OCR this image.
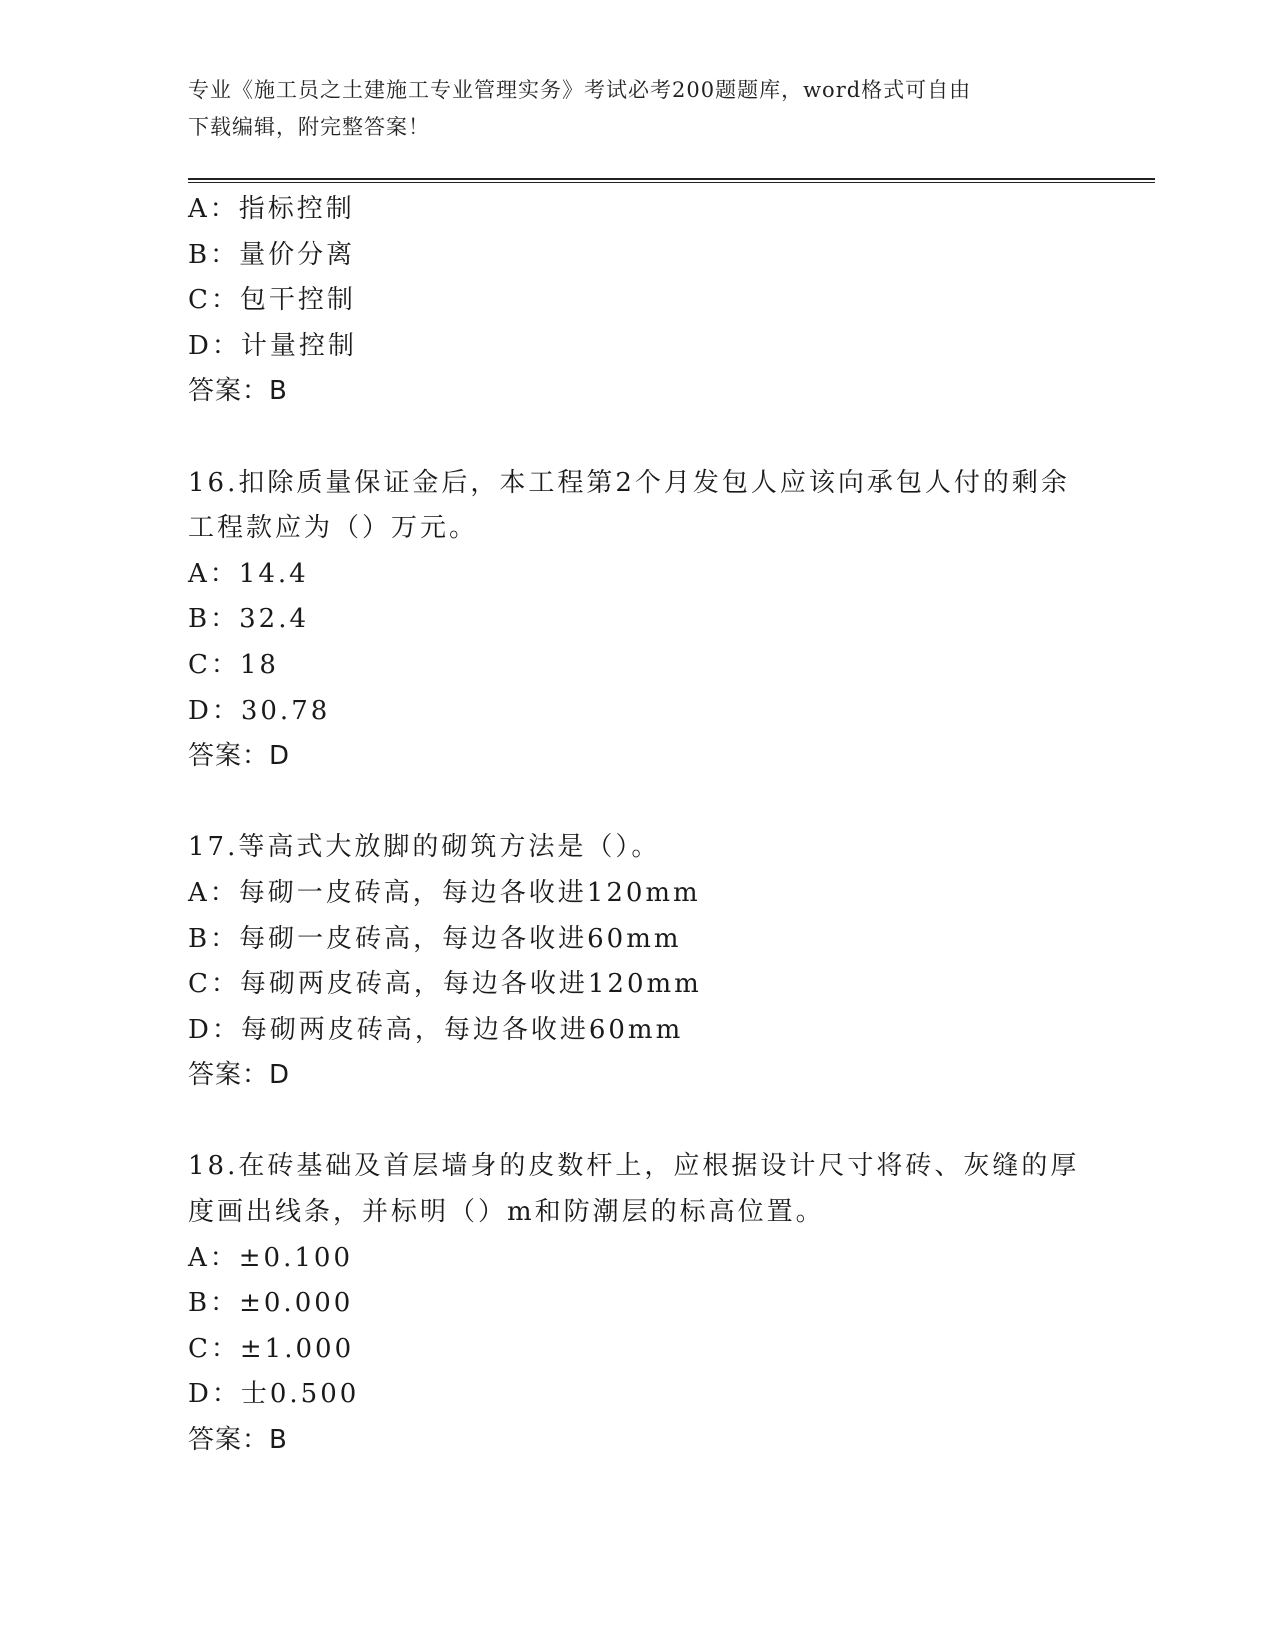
专业《施工员之土建施工专业管理实务》考试必考200题题库，word格式可自由
下载编辑，附完整答案！
A：指标控制
B：量价分离
C：包干控制
D：计量控制
答案：B
16.扣除质量保证金后，本工程第2个月发包人应该向承包人付的剩余
工程款应为（）万元。
A：14.4
B：32.4
C：18
D：30.78
答案：D
17.等高式大放脚的砌筑方法是（）。
A：每砌一皮砖高，每边各收进120mm
B：每砌一皮砖高，每边各收进60mm
C：每砌两皮砖高，每边各收进120mm
D：每砌两皮砖高，每边各收进60mm
答案：D
18.在砖基础及首层墙身的皮数杆上，应根据设计尺寸将砖、灰缝的厚
度画出线条，并标明（）m和防潮层的标高位置。
A：±0.100
B：±0.000
C：±1.000
D：士0.500
答案：B
